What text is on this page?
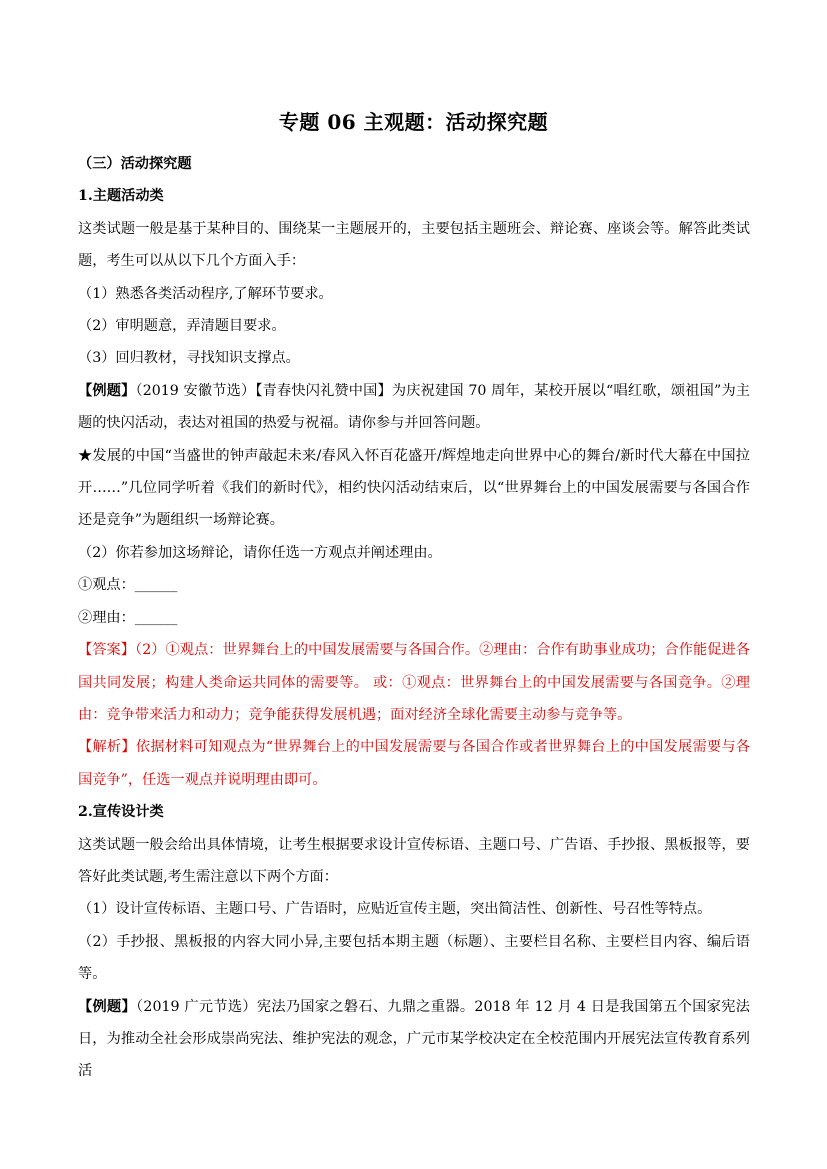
专题 06 主观题：活动探究题

（三）活动探究题

1.主题活动类

这类试题一般是基于某种目的、围绕某一主题展开的，主要包括主题班会、辩论赛、座谈会等。解答此类试题，考生可以从以下几个方面入手：

（1）熟悉各类活动程序,了解环节要求。

（2）审明题意，弄清题目要求。

（3）回归教材，寻找知识支撑点。

【例题】（2019 安徽节选）【青春快闪礼赞中国】为庆祝建国 70 周年，某校开展以“唱红歌，颂祖国”为主题的快闪活动，表达对祖国的热爱与祝福。请你参与并回答问题。

★发展的中国“当盛世的钟声敲起未来/春风入怀百花盛开/辉煌地走向世界中心的舞台/新时代大幕在中国拉开……”几位同学听着《我们的新时代》，相约快闪活动结束后，以“世界舞台上的中国发展需要与各国合作还是竞争”为题组织一场辩论赛。

（2）你若参加这场辩论，请你任选一方观点并阐述理由。

①观点：______

②理由：______

【答案】（2）①观点：世界舞台上的中国发展需要与各国合作。②理由：合作有助事业成功；合作能促进各国共同发展；构建人类命运共同体的需要等。 或：①观点：世界舞台上的中国发展需要与各国竞争。②理由：竞争带来活力和动力；竞争能获得发展机遇；面对经济全球化需要主动参与竞争等。

【解析】依据材料可知观点为“世界舞台上的中国发展需要与各国合作或者世界舞台上的中国发展需要与各国竞争”，任选一观点并说明理由即可。

2.宣传设计类

这类试题一般会给出具体情境，让考生根据要求设计宣传标语、主题口号、广告语、手抄报、黑板报等，要答好此类试题,考生需注意以下两个方面：

（1）设计宣传标语、主题口号、广告语时，应贴近宣传主题，突出简洁性、创新性、号召性等特点。

（2）手抄报、黑板报的内容大同小异,主要包括本期主题（标题）、主要栏目名称、主要栏目内容、编后语等。

【例题】（2019 广元节选）宪法乃国家之磐石、九鼎之重器。2018 年 12 月 4 日是我国第五个国家宪法日，为推动全社会形成崇尚宪法、维护宪法的观念，广元市某学校决定在全校范围内开展宪法宣传教育系列活
